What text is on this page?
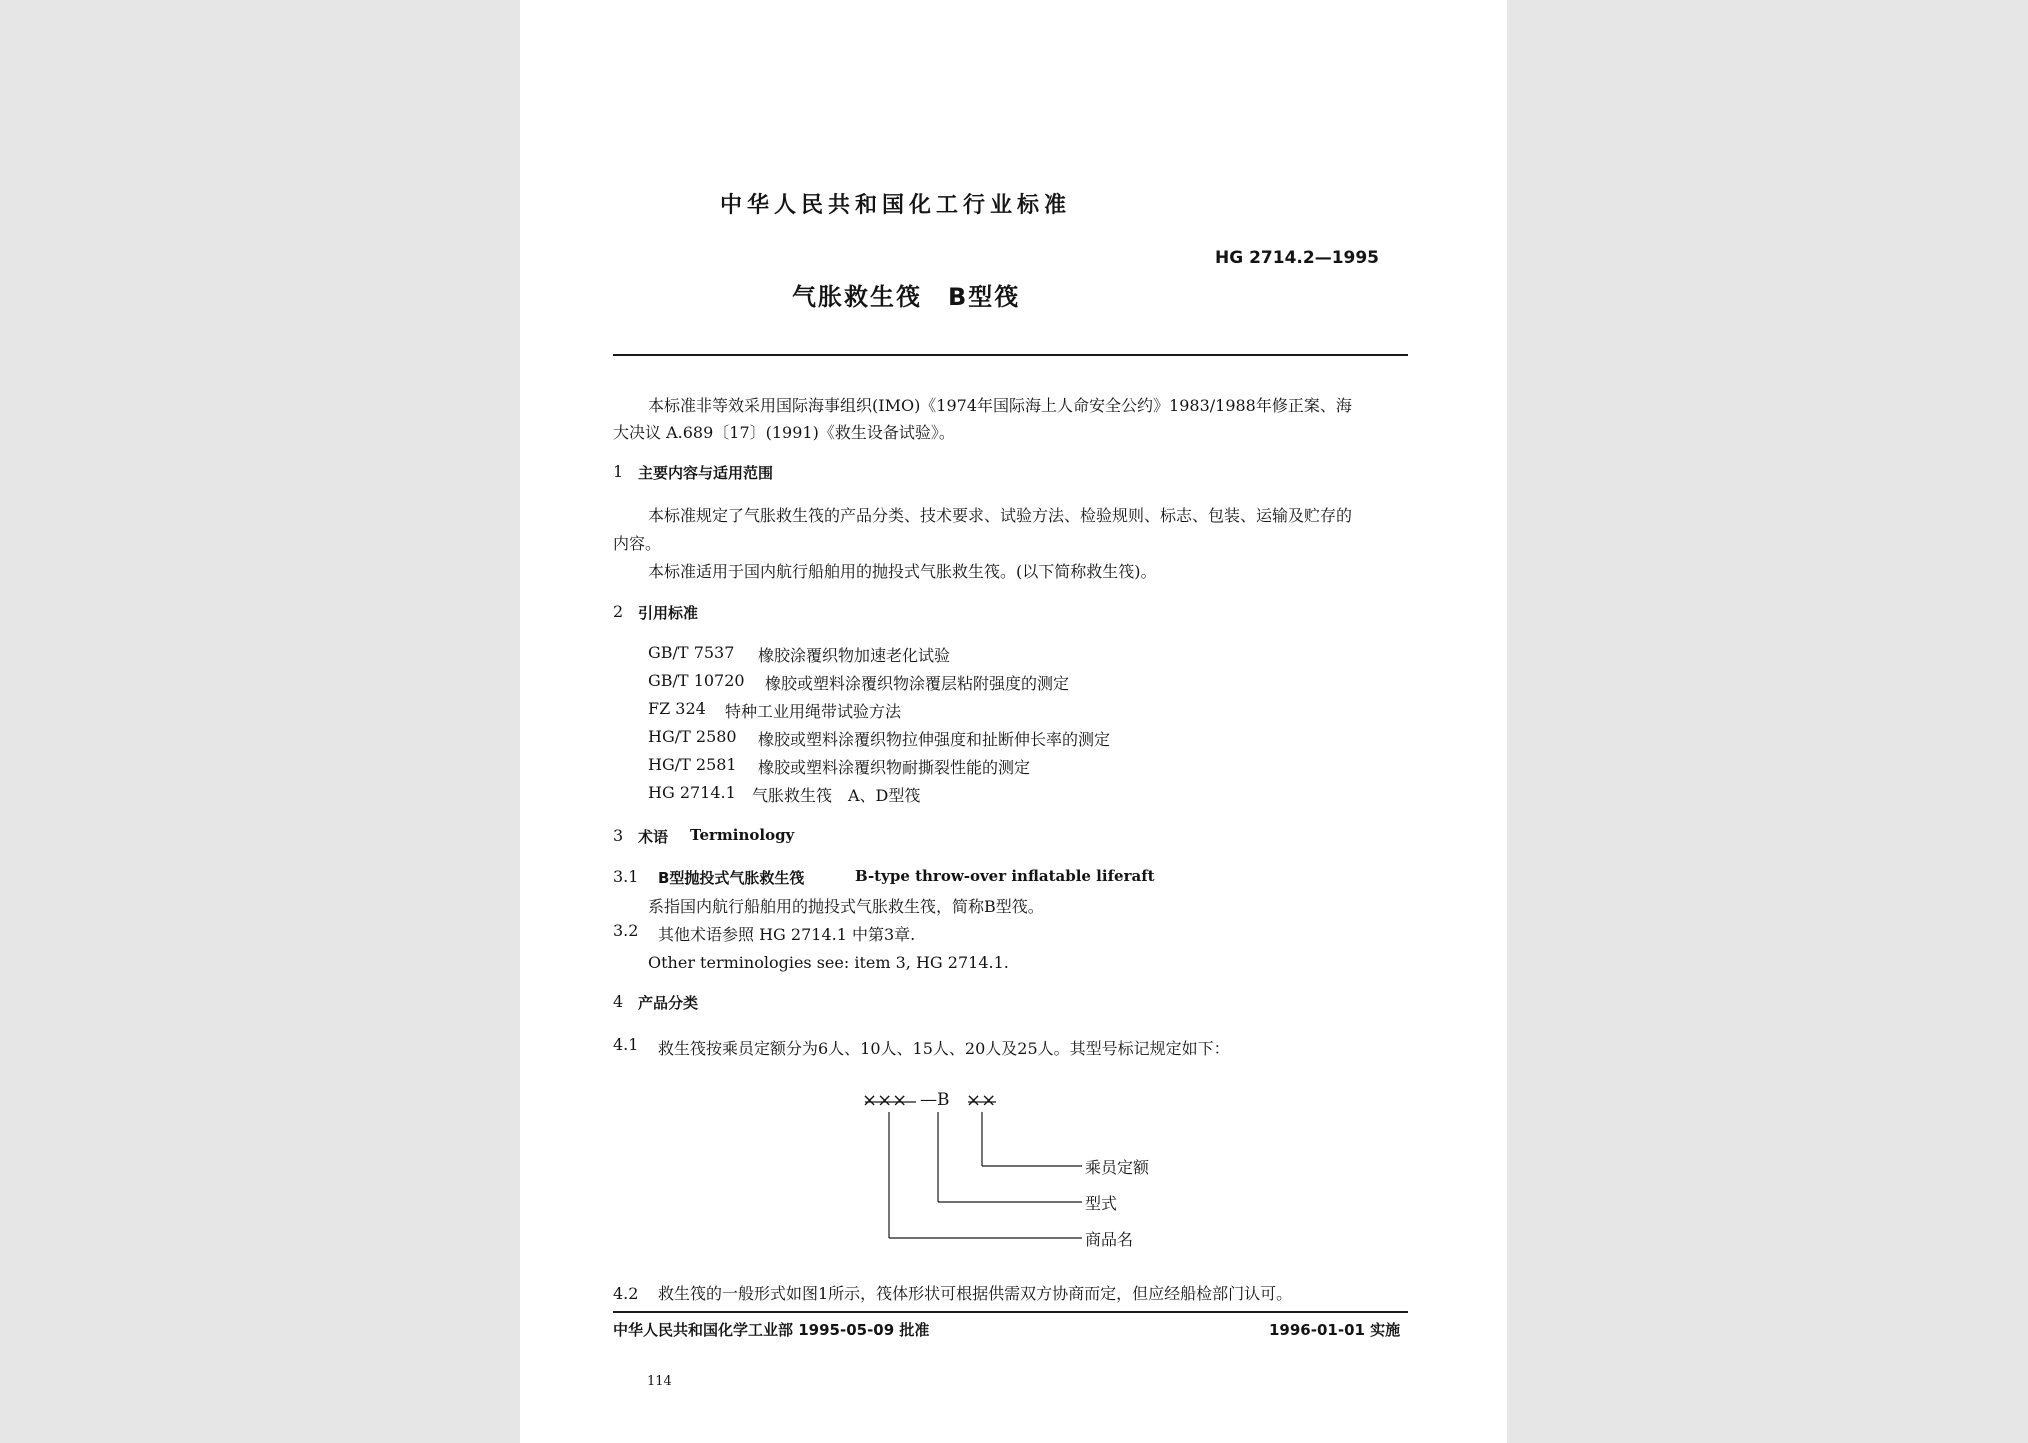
中华人民共和国化工行业标准
HG 2714.2—1995
气胀救生筏　B型筏
本标准非等效采用国际海事组织(IMO)《1974年国际海上人命安全公约》1983/1988年修正案、海
大决议 A.689〔17〕(1991)《救生设备试验》。
1 主要内容与适用范围
本标准规定了气胀救生筏的产品分类、技术要求、试验方法、检验规则、标志、包装、运输及贮存的
内容。
本标准适用于国内航行船舶用的抛投式气胀救生筏。(以下简称救生筏)。
2 引用标准
GB/T 7537 橡胶涂覆织物加速老化试验
GB/T 10720 橡胶或塑料涂覆织物涂覆层粘附强度的测定
FZ 324 特种工业用绳带试验方法
HG/T 2580 橡胶或塑料涂覆织物拉伸强度和扯断伸长率的测定
HG/T 2581 橡胶或塑料涂覆织物耐撕裂性能的测定
HG 2714.1 气胀救生筏　A、D型筏
3 术语 Terminology
3.1 B型抛投式气胀救生筏	B-type throw-over inflatable liferaft
系指国内航行船舶用的抛投式气胀救生筏，简称B型筏。
3.2 其他术语参照 HG 2714.1 中第3章.
Other terminologies see: item 3, HG 2714.1.
4 产品分类
4.1 救生筏按乘员定额分为6人、10人、15人、20人及25人。其型号标记规定如下：
××× —B ××
乘员定额
型式
商品名
4.2 救生筏的一般形式如图1所示，筏体形状可根据供需双方协商而定，但应经船检部门认可。
中华人民共和国化学工业部 1995-05-09 批准	1996-01-01 实施
114
